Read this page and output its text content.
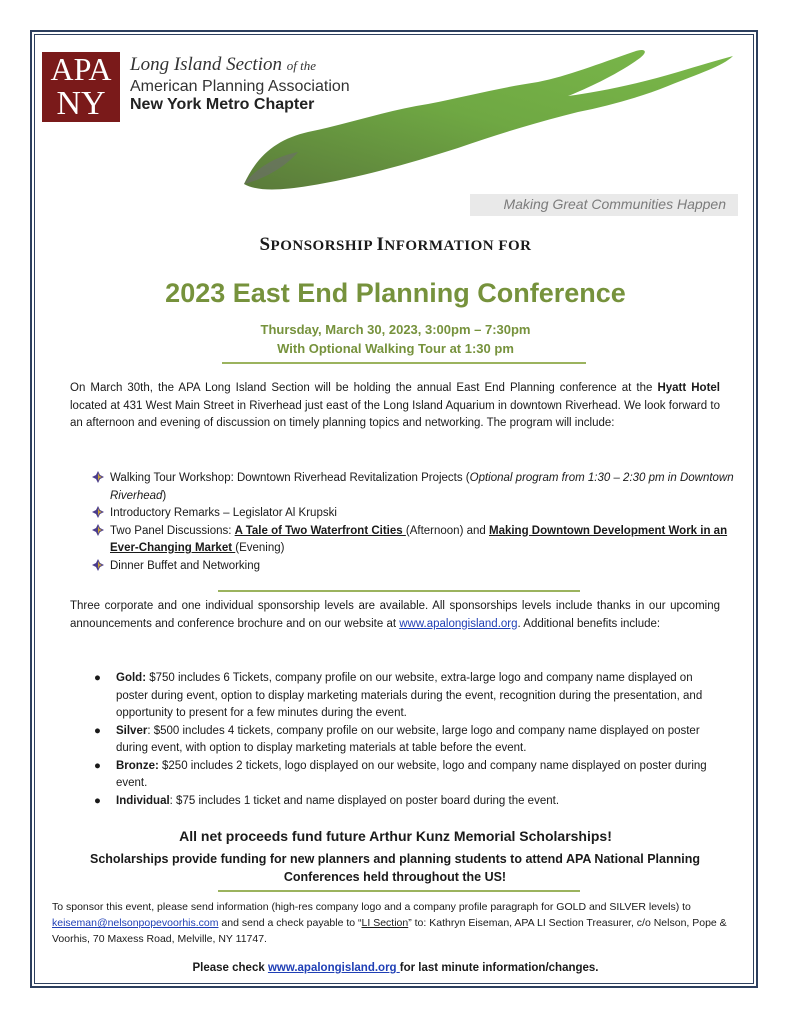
APA
NY
Long Island Section of the
American Planning Association
New York Metro Chapter
Making Great Communities Happen
SPONSORSHIP INFORMATION FOR
2023 East End Planning Conference
Thursday, March 30, 2023, 3:00pm – 7:30pm
With Optional Walking Tour at 1:30 pm
On March 30th, the APA Long Island Section will be holding the annual East End Planning conference at the Hyatt Hotel located at 431 West Main Street in Riverhead just east of the Long Island Aquarium in downtown Riverhead. We look forward to an afternoon and evening of discussion on timely planning topics and networking. The program will include:
Walking Tour Workshop: Downtown Riverhead Revitalization Projects (Optional program from 1:30 – 2:30 pm in Downtown Riverhead)
Introductory Remarks – Legislator Al Krupski
Two Panel Discussions: A Tale of Two Waterfront Cities (Afternoon) and Making Downtown Development Work in an Ever-Changing Market (Evening)
Dinner Buffet and Networking
Three corporate and one individual sponsorship levels are available. All sponsorships levels include thanks in our upcoming announcements and conference brochure and on our website at www.apalongisland.org. Additional benefits include:
● Gold: $750 includes 6 Tickets, company profile on our website, extra-large logo and company name displayed on poster during event, option to display marketing materials during the event, recognition during the presentation, and opportunity to present for a few minutes during the event.
● Silver: $500 includes 4 tickets, company profile on our website, large logo and company name displayed on poster during event, with option to display marketing materials at table before the event.
● Bronze: $250 includes 2 tickets, logo displayed on our website, logo and company name displayed on poster during event.
● Individual: $75 includes 1 ticket and name displayed on poster board during the event.
All net proceeds fund future Arthur Kunz Memorial Scholarships!
Scholarships provide funding for new planners and planning students to attend APA National Planning Conferences held throughout the US!
To sponsor this event, please send information (high-res company logo and a company profile paragraph for GOLD and SILVER levels) to keiseman@nelsonpopevoorhis.com and send a check payable to “LI Section” to: Kathryn Eiseman, APA LI Section Treasurer, c/o Nelson, Pope & Voorhis, 70 Maxess Road, Melville, NY 11747.
Please check www.apalongisland.org for last minute information/changes.
